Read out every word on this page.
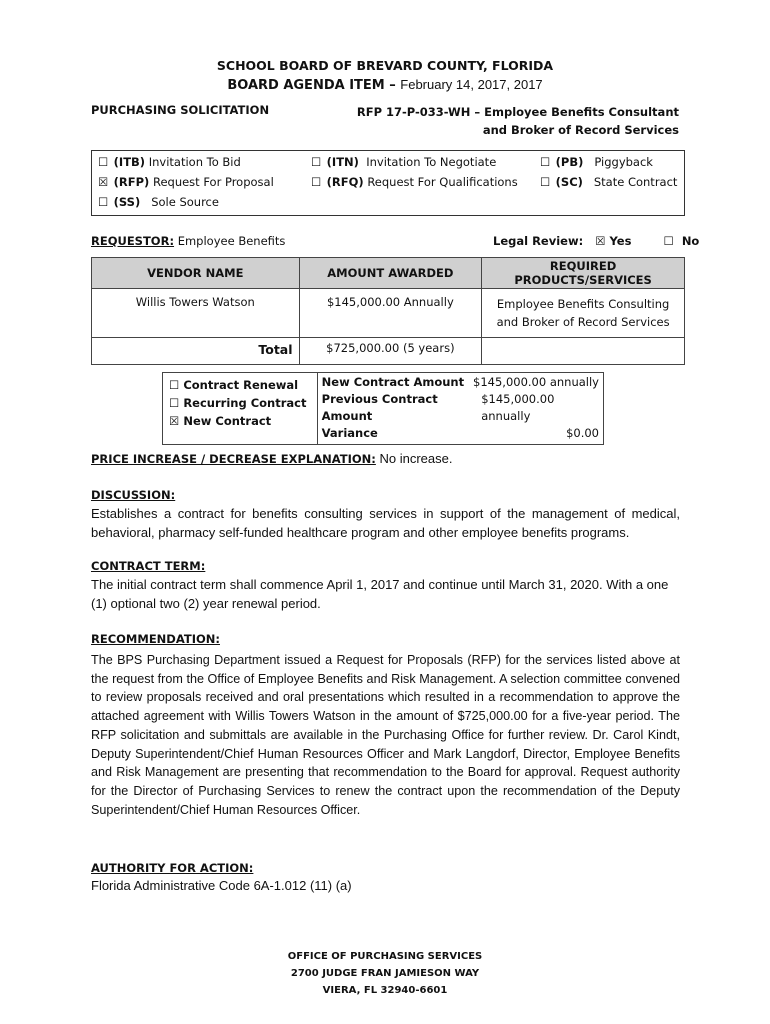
SCHOOL BOARD OF BREVARD COUNTY, FLORIDA
BOARD AGENDA ITEM – February 14, 2017, 2017
PURCHASING SOLICITATION	RFP 17-P-033-WH – Employee Benefits Consultant
and Broker of Record Services
☐ (ITB) Invitation To Bid
☒ (RFP) Request For Proposal
☐ (SS) Sole Source
☐ (ITN) Invitation To Negotiate
☐ (RFQ) Request For Qualifications
☐ (PB) Piggyback
☐ (SC) State Contract
REQUESTOR: Employee Benefits	Legal Review: ☒ Yes	☐ No
VENDOR NAME	AMOUNT AWARDED	REQUIRED PRODUCTS/SERVICES
Willis Towers Watson	$145,000.00 Annually	Employee Benefits Consulting
and Broker of Record Services

Total	$725,000.00 (5 years)	
☐ Contract Renewal
☐ Recurring Contract
☒ New Contract

New Contract Amount $145,000.00 annually
Previous Contract Amount
$145,000.00 annually
Variance	$0.00
PRICE INCREASE / DECREASE EXPLANATION: No increase.
DISCUSSION:
Establishes a contract for benefits consulting services in support of the management of medical, behavioral, pharmacy self-funded healthcare program and other employee benefits programs.
CONTRACT TERM:
The initial contract term shall commence April 1, 2017 and continue until March 31, 2020. With a one (1) optional two (2) year renewal period.
RECOMMENDATION:
The BPS Purchasing Department issued a Request for Proposals (RFP) for the services listed above at the request from the Office of Employee Benefits and Risk Management. A selection committee convened to review proposals received and oral presentations which resulted in a recommendation to approve the attached agreement with Willis Towers Watson in the amount of $725,000.00 for a five-year period. The RFP solicitation and submittals are available in the Purchasing Office for further review. Dr. Carol Kindt, Deputy Superintendent/Chief Human Resources Officer and Mark Langdorf, Director, Employee Benefits and Risk Management are presenting that recommendation to the Board for approval. Request authority for the Director of Purchasing Services to renew the contract upon the recommendation of the Deputy Superintendent/Chief Human Resources Officer.
AUTHORITY FOR ACTION:
Florida Administrative Code 6A-1.012 (11) (a)
OFFICE OF PURCHASING SERVICES
2700 JUDGE FRAN JAMIESON WAY
VIERA, FL 32940-6601
